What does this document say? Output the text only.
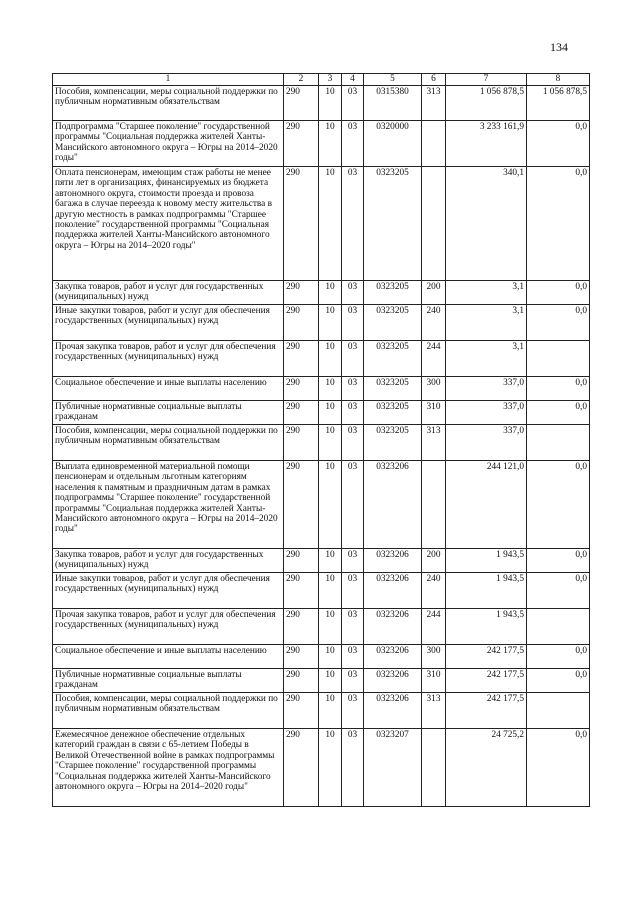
134
1	2	3	4	5	6	7	8
Пособия, компенсации, меры социальной поддержки по публичным нормативным обязательствам	290	10	03	0315380	313	1 056 878,5	1 056 878,5
Подпрограмма "Старшее поколение" государственной программы "Социальная поддержка жителей Ханты-Мансийского автономного округа – Югры на 2014–2020 годы"	290	10	03	0320000		3 233 161,9	0,0
Оплата пенсионерам, имеющим стаж работы не менее пяти лет в организациях, финансируемых из бюджета автономного округа, стоимости проезда и провоза багажа в случае переезда к новому месту жительства в другую местность в рамках подпрограммы "Старшее поколение" государственной программы "Социальная поддержка жителей Ханты-Мансийского автономного округа – Югры на 2014–2020 годы"	290	10	03	0323205		340,1	0,0
Закупка товаров, работ и услуг для государственных (муниципальных) нужд	290	10	03	0323205	200	3,1	0,0
Иные закупки товаров, работ и услуг для обеспечения государственных (муниципальных) нужд	290	10	03	0323205	240	3,1	0,0
Прочая закупка товаров, работ и услуг для обеспечения государственных (муниципальных) нужд	290	10	03	0323205	244	3,1	
Социальное обеспечение и иные выплаты населению	290	10	03	0323205	300	337,0	0,0
Публичные нормативные социальные выплаты гражданам	290	10	03	0323205	310	337,0	0,0
Пособия, компенсации, меры социальной поддержки по публичным нормативным обязательствам	290	10	03	0323205	313	337,0	
Выплата единовременной материальной помощи пенсионерам и отдельным льготным категориям населения к памятным и праздничным датам в рамках подпрограммы "Старшее поколение" государственной программы "Социальная поддержка жителей Ханты-Мансийского автономного округа – Югры на 2014–2020 годы"	290	10	03	0323206		244 121,0	0,0
Закупка товаров, работ и услуг для государственных (муниципальных) нужд	290	10	03	0323206	200	1 943,5	0,0
Иные закупки товаров, работ и услуг для обеспечения государственных (муниципальных) нужд	290	10	03	0323206	240	1 943,5	0,0
Прочая закупка товаров, работ и услуг для обеспечения государственных (муниципальных) нужд	290	10	03	0323206	244	1 943,5	
Социальное обеспечение и иные выплаты населению	290	10	03	0323206	300	242 177,5	0,0
Публичные нормативные социальные выплаты гражданам	290	10	03	0323206	310	242 177,5	0,0
Пособия, компенсации, меры социальной поддержки по публичным нормативным обязательствам	290	10	03	0323206	313	242 177,5	
Ежемесячное денежное обеспечение отдельных категорий граждан в связи с 65-летием Победы в Великой Отечественной войне в рамках подпрограммы "Старшее поколение" государственной программы "Социальная поддержка жителей Ханты-Мансийского автономного округа – Югры на 2014–2020 годы"	290	10	03	0323207		24 725,2	0,0
